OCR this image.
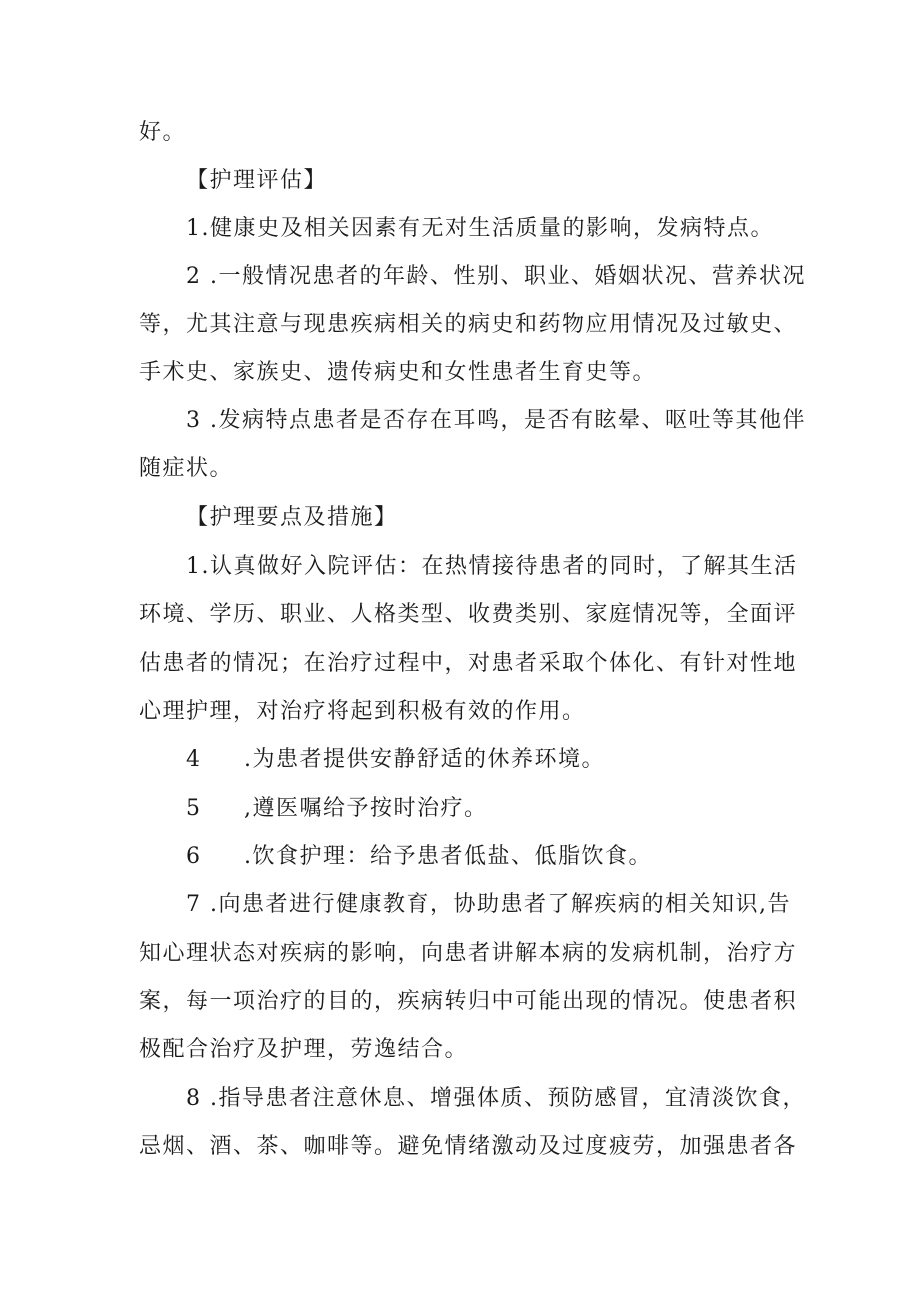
好。
【护理评估】
1.健康史及相关因素有无对生活质量的影响，发病特点。
2 .一般情况患者的年龄、性别、职业、婚姻状况、营养状况
等，尤其注意与现患疾病相关的病史和药物应用情况及过敏史、
手术史、家族史、遗传病史和女性患者生育史等。
3 .发病特点患者是否存在耳鸣，是否有眩晕、呕吐等其他伴
随症状。
【护理要点及措施】
1.认真做好入院评估：在热情接待患者的同时，了解其生活
环境、学历、职业、人格类型、收费类别、家庭情况等，全面评
估患者的情况；在治疗过程中，对患者采取个体化、有针对性地
心理护理，对治疗将起到积极有效的作用。
4 .为患者提供安静舒适的休养环境。
5 ,遵医嘱给予按时治疗。
6 .饮食护理：给予患者低盐、低脂饮食。
7 .向患者进行健康教育，协助患者了解疾病的相关知识,告
知心理状态对疾病的影响，向患者讲解本病的发病机制，治疗方
案，每一项治疗的目的，疾病转归中可能出现的情况。使患者积
极配合治疗及护理，劳逸结合。
8 .指导患者注意休息、增强体质、预防感冒，宜清淡饮食，
忌烟、酒、茶、咖啡等。避免情绪激动及过度疲劳，加强患者各
